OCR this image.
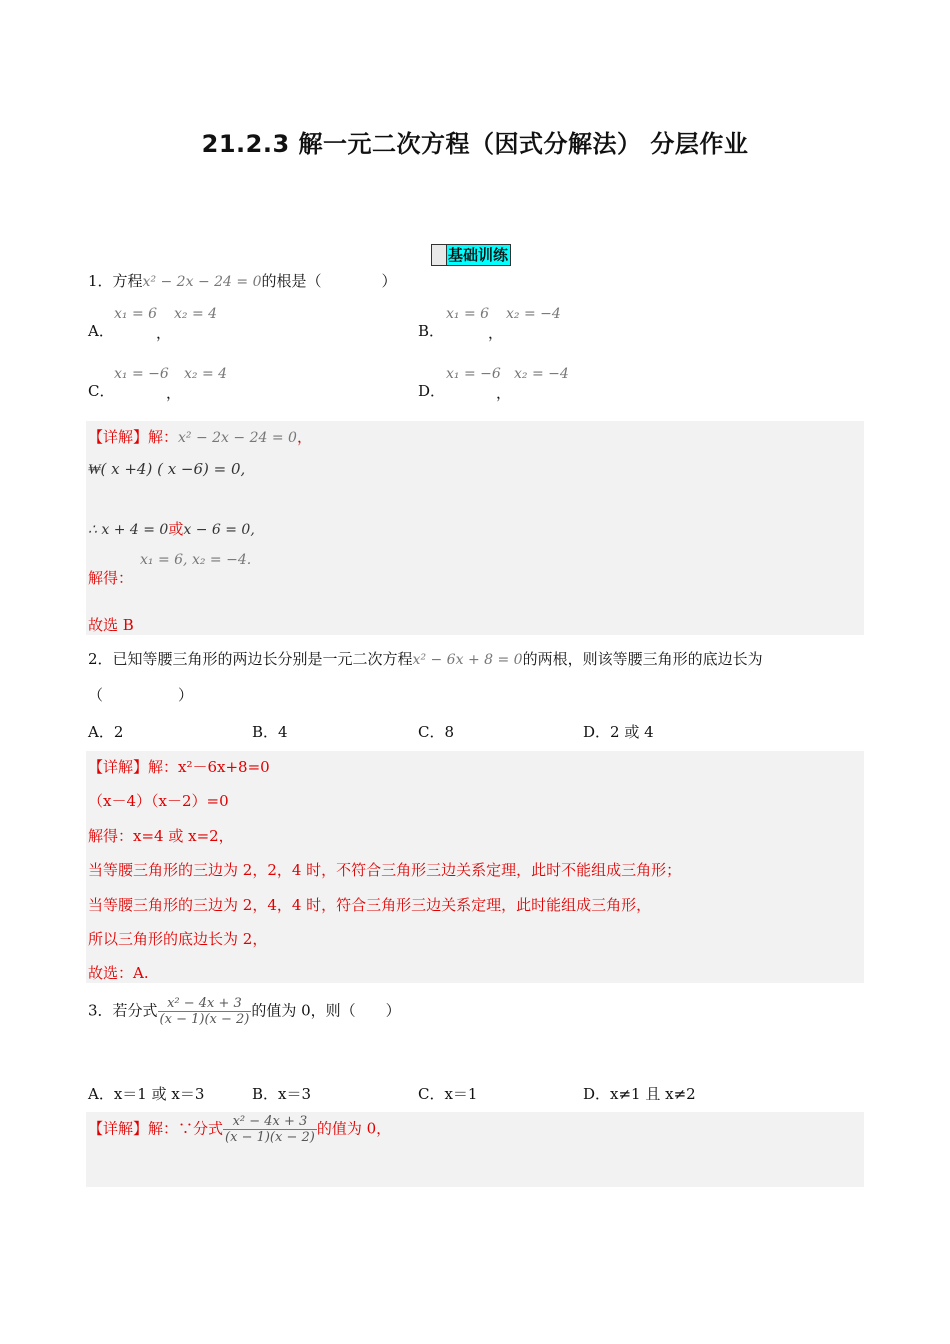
21.2.3 解一元二次方程（因式分解法） 分层作业
基础训练
1．方程x² − 2x − 24 = 0的根是（　　　　）
A．
x₁ = 6
，
x₂ = 4
B．
x₁ = 6
，
x₂ = −4
C．
x₁ = −6
，
x₂ = 4
D．
x₁ = −6
，
x₂ = −4
【详解】解：x² − 2x − 24 = 0，
₩( x +4) ( x −6) = 0,
∴ x + 4 = 0或x − 6 = 0,
x₁ = 6, x₂ = −4.
解得：
故选 B
2．已知等腰三角形的两边长分别是一元二次方程x² − 6x + 8 = 0的两根，则该等腰三角形的底边长为
（　　　　　）
A．2	B．4	C．8	D．2 或 4
【详解】解：x²－6x+8=0
（x－4）（x－2）=0
解得：x=4 或 x=2，
当等腰三角形的三边为 2，2，4 时，不符合三角形三边关系定理，此时不能组成三角形；
当等腰三角形的三边为 2，4，4 时，符合三角形三边关系定理，此时能组成三角形，
所以三角形的底边长为 2，
故选：A.
3．若分式 $\frac{\text{x² − 4x + 3}}{(x - 1)(x - 2)}$ 的值为 0，则（　　）
A．x＝1 或 x＝3	B．x＝3	C．x＝1	D．x≠1 且 x≠2
【详解】解：∵分式 $\frac{\text{x² − 4x + 3}}{(x - 1)(x - 2)}$ 的值为 0，
